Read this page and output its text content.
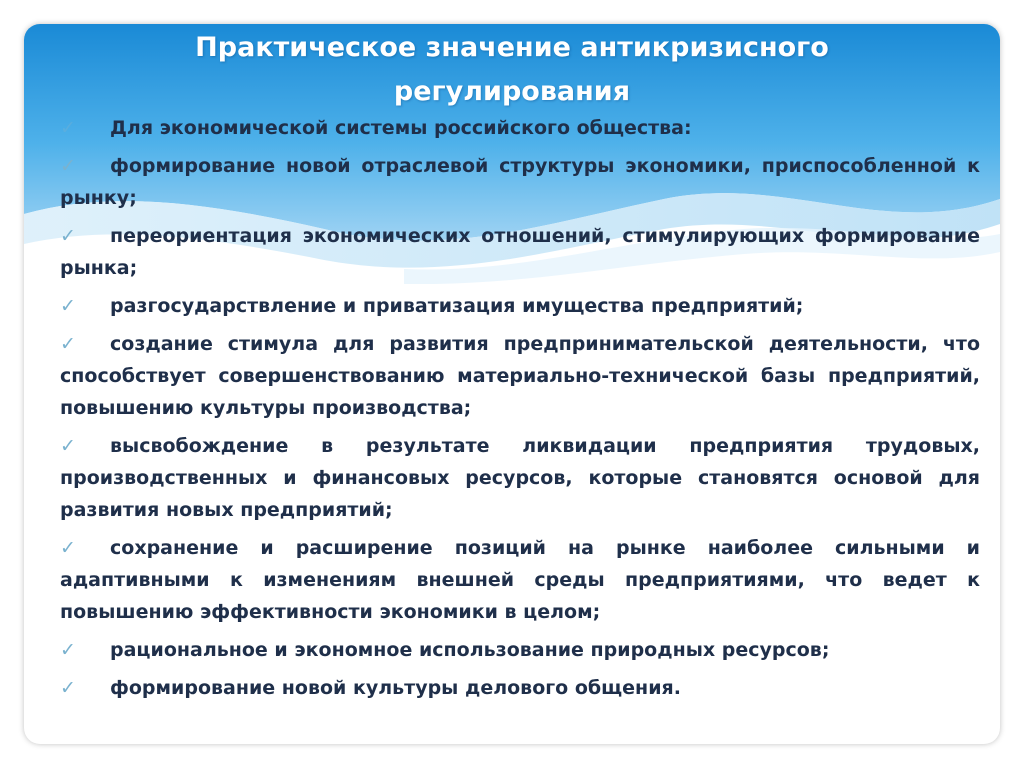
Практическое значение антикризисного
регулирования
✓ Для экономической системы российского общества:
✓ формирование новой отраслевой структуры экономики, приспособленной к рынку;
✓ переориентация экономических отношений, стимулирующих формирование рынка;
✓ разгосударствление и приватизация имущества предприятий;
✓ создание стимула для развития предпринимательской деятельности, что способствует совершенствованию материально-технической базы предприятий, повышению культуры производства;
✓ высвобождение в результате ликвидации предприятия трудовых, производственных и финансовых ресурсов, которые становятся основой для развития новых предприятий;
✓ сохранение и расширение позиций на рынке наиболее сильными и адаптивными к изменениям внешней среды предприятиями, что ведет к повышению эффективности экономики в целом;
✓ рациональное и экономное использование природных ресурсов;
✓ формирование новой культуры делового общения.
